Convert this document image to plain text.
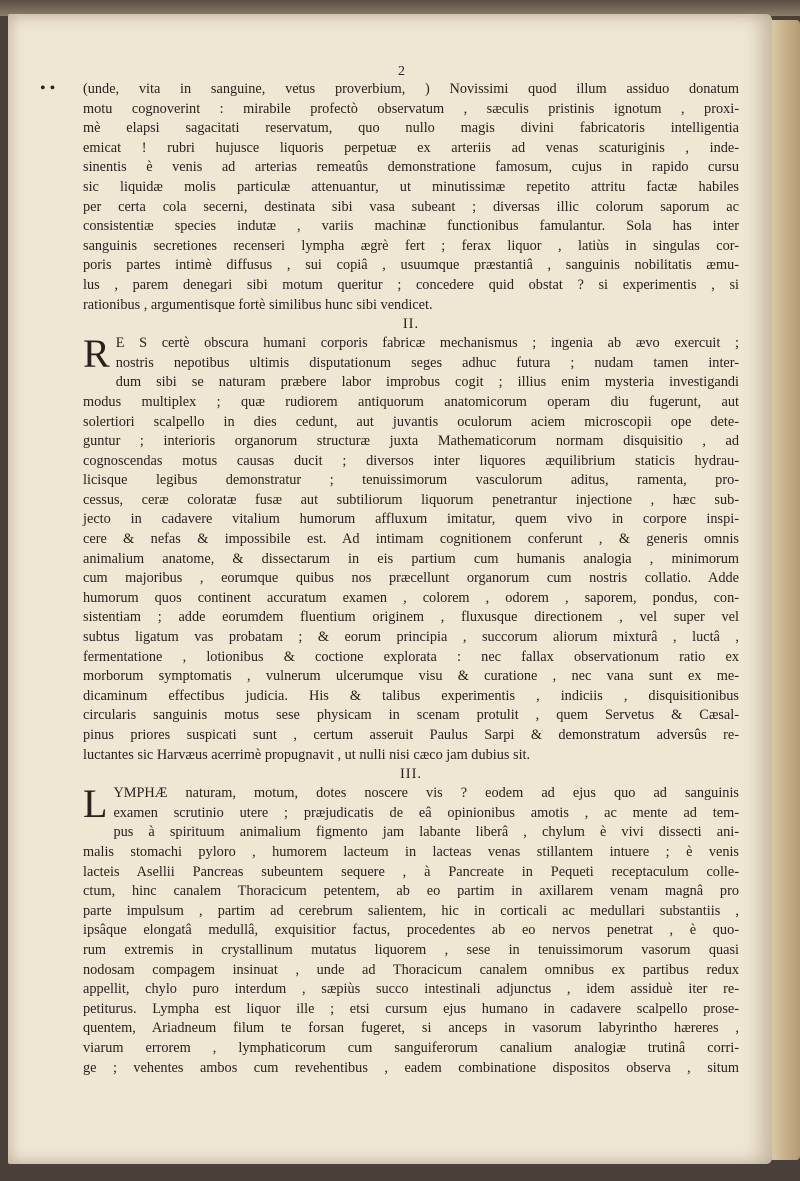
2
• • (unde, vita in sanguine, vetus proverbium, ) Novissimi quod illum assiduo donatum
motu cognoverint : mirabile profectò observatum , sæculis pristinis ignotum , proxi-
mè elapsi sagacitati reservatum, quo nullo magis divini fabricatoris intelligentia
emicat ! rubri hujusce liquoris perpetuæ ex arteriis ad venas scaturiginis , inde-
sinentis è venis ad arterias remeatûs demonstratione famosum, cujus in rapido cursu
sic liquidæ molis particulæ attenuantur, ut minutissimæ repetito attritu factæ habiles
per certa cola secerni, destinata sibi vasa subeant ; diversas illic colorum saporum ac
consistentiæ species indutæ , variis machinæ functionibus famulantur. Sola has inter
sanguinis secretiones recenseri lympha ægrè fert ; ferax liquor , latiùs in singulas cor-
poris partes intimè diffusus , sui copiâ , usuumque præstantiâ , sanguinis nobilitatis æmu-
lus , parem denegari sibi motum queritur ; concedere quid obstat ? si experimentis , si
rationibus , argumentisque fortè similibus hunc sibi vendicet.
II.
R E S certè obscura humani corporis fabricæ mechanismus ; ingenia ab ævo exercuit ;
nostris nepotibus ultimis disputationum seges adhuc futura ; nudam tamen inter-
dum sibi se naturam præbere labor improbus cogit ; illius enim mysteria investigandi
modus multiplex ; quæ rudiorem antiquorum anatomicorum operam diu fugerunt, aut
solertiori scalpello in dies cedunt, aut juvantis oculorum aciem microscopii ope dete-
guntur ; interioris organorum structuræ juxta Mathematicorum normam disquisitio , ad
cognoscendas motus causas ducit ; diversos inter liquores æquilibrium staticis hydrau-
licisque legibus demonstratur ; tenuissimorum vasculorum aditus, ramenta, pro-
cessus, ceræ coloratæ fusæ aut subtiliorum liquorum penetrantur injectione , hæc sub-
jecto in cadavere vitalium humorum affluxum imitatur, quem vivo in corpore inspi-
cere & nefas & impossibile est. Ad intimam cognitionem conferunt , & generis omnis
animalium anatome, & dissectarum in eis partium cum humanis analogia , minimorum
cum majoribus , eorumque quibus nos præcellunt organorum cum nostris collatio. Adde
humorum quos continent accuratum examen , colorem , odorem , saporem, pondus, con-
sistentiam ; adde eorumdem fluentium originem , fluxusque directionem , vel super vel
subtus ligatum vas probatam ; & eorum principia , succorum aliorum mixturâ , luctâ ,
fermentatione , lotionibus & coctione explorata : nec fallax observationum ratio ex
morborum symptomatis , vulnerum ulcerumque visu & curatione , nec vana sunt ex me-
dicaminum effectibus judicia. His & talibus experimentis , indiciis , disquisitionibus
circularis sanguinis motus sese physicam in scenam protulit , quem Servetus & Cæsal-
pinus priores suspicati sunt , certum asseruit Paulus Sarpi & demonstratum adversûs re-
luctantes sic Harvæus acerrimè propugnavit , ut nulli nisi cæco jam dubius sit.
III.
L YMPHÆ naturam, motum, dotes noscere vis ? eodem ad ejus quo ad sanguinis
examen scrutinio utere ; præjudicatis de eâ opinionibus amotis , ac mente ad tem-
pus à spirituum animalium figmento jam labante liberâ , chylum è vivi dissecti ani-
malis stomachi pyloro , humorem lacteum in lacteas venas stillantem intuere ; è venis
lacteis Asellii Pancreas subeuntem sequere , à Pancreate in Pequeti receptaculum colle-
ctum, hinc canalem Thoracicum petentem, ab eo partim in axillarem venam magnâ pro
parte impulsum , partim ad cerebrum salientem, hic in corticali ac medullari substantiis ,
ipsâque elongatâ medullâ, exquisitior factus, procedentes ab eo nervos penetrat , è quo-
rum extremis in crystallinum mutatus liquorem , sese in tenuissimorum vasorum quasi
nodosam compagem insinuat , unde ad Thoracicum canalem omnibus ex partibus redux
appellit, chylo puro interdum , sæpiùs succo intestinali adjunctus , idem assiduè iter re-
petiturus. Lympha est liquor ille ; etsi cursum ejus humano in cadavere scalpello prose-
quentem, Ariadneum filum te forsan fugeret, si anceps in vasorum labyrintho hæreres ,
viarum errorem , lymphaticorum cum sanguiferorum canalium analogiæ trutinâ corri-
ge ; vehentes ambos cum revehentibus , eadem combinatione dispositos observa , situm
